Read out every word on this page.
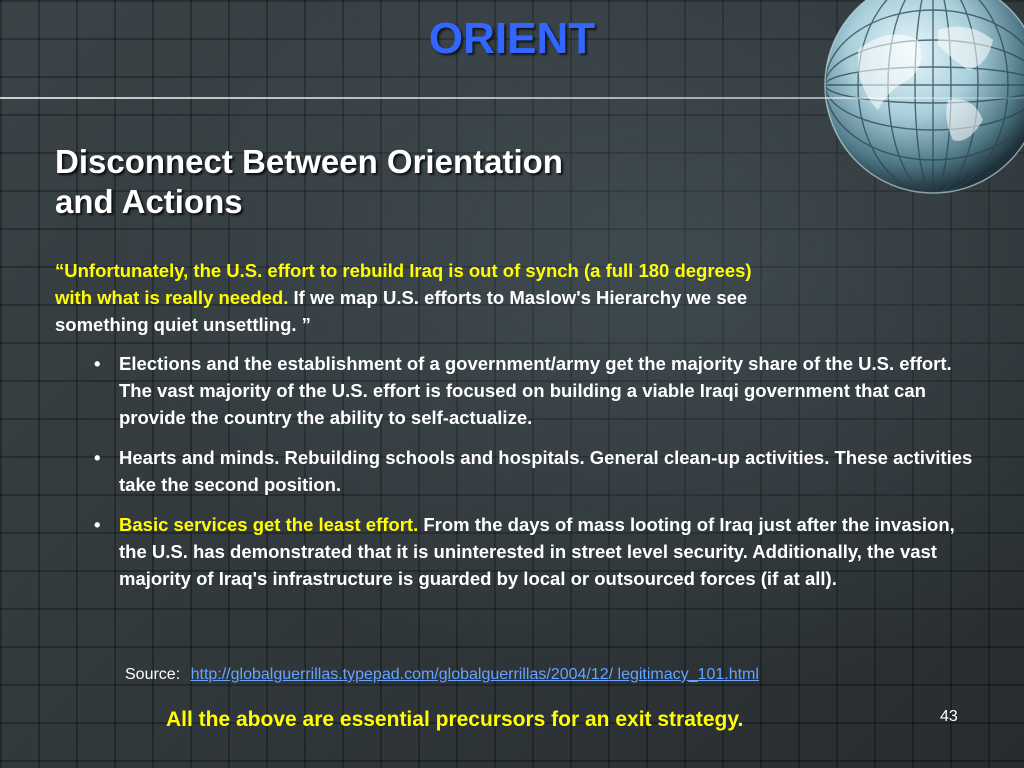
ORIENT
Disconnect Between Orientation
and Actions

“Unfortunately, the U.S. effort to rebuild Iraq is out of synch (a full 180 degrees) with what is really needed. If we map U.S. efforts to Maslow's Hierarchy we see something quiet unsettling. ”

• Elections and the establishment of a government/army get the majority share of the U.S. effort. The vast majority of the U.S. effort is focused on building a viable Iraqi government that can provide the country the ability to self-actualize.
• Hearts and minds. Rebuilding schools and hospitals. General clean-up activities. These activities take the second position.
• Basic services get the least effort. From the days of mass looting of Iraq just after the invasion, the U.S. has demonstrated that it is uninterested in street level security. Additionally, the vast majority of Iraq's infrastructure is guarded by local or outsourced forces (if at all).
Source: http://globalguerrillas.typepad.com/globalguerrillas/2004/12/ legitimacy_101.html
All the above are essential precursors for an exit strategy.	43
